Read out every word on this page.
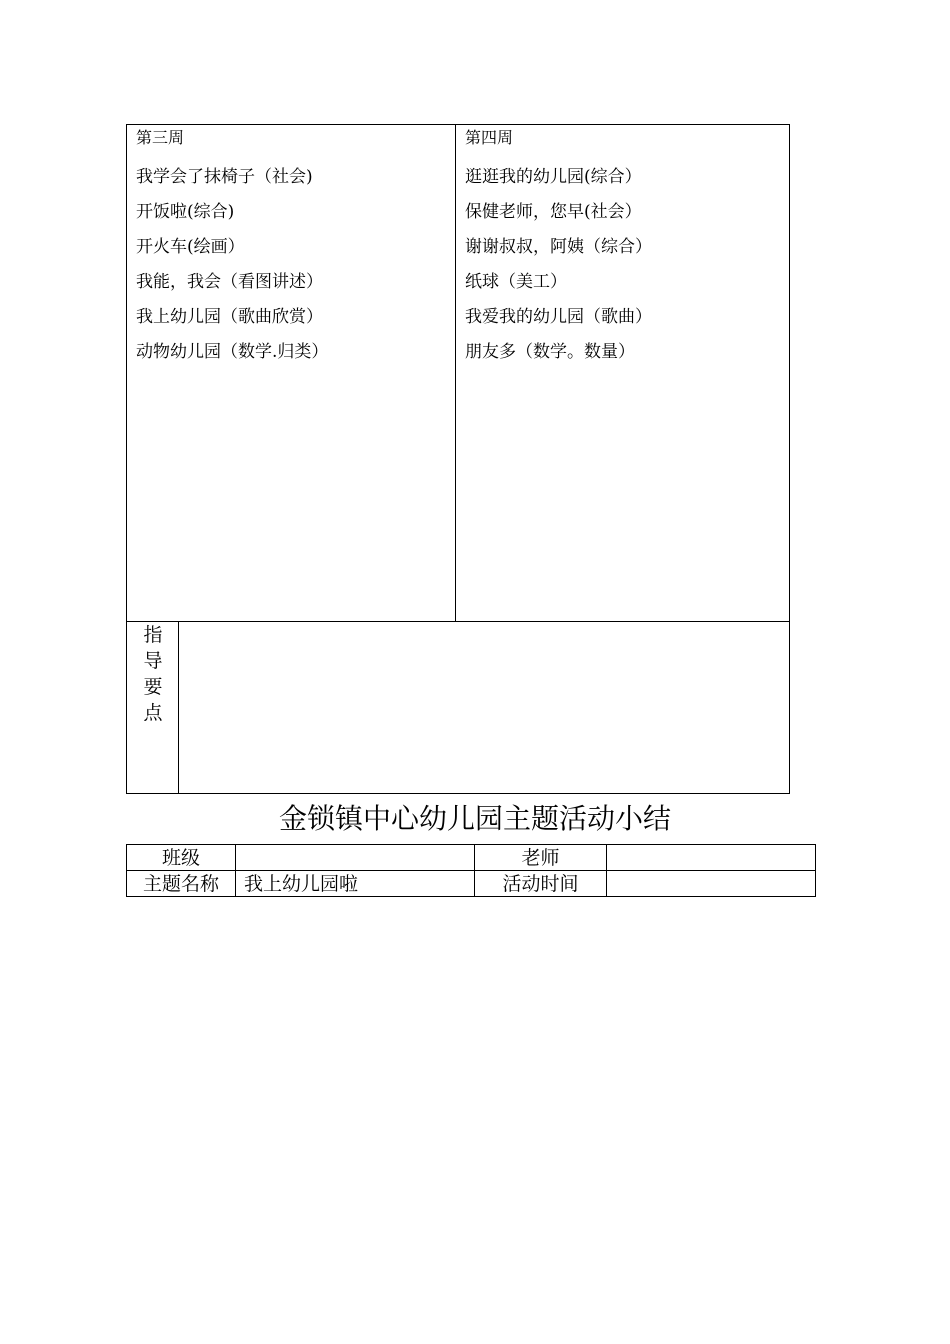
第三周
我学会了抹椅子（社会)
开饭啦(综合)
开火车(绘画）
我能，我会（看图讲述）
我上幼儿园（歌曲欣赏）
动物幼儿园（数学.归类）
第四周
逛逛我的幼儿园(综合）
保健老师，您早(社会）
谢谢叔叔，阿姨（综合）
纸球（美工）
我爱我的幼儿园（歌曲）
朋友多（数学。数量）
指
导
要
点
金锁镇中心幼儿园主题活动小结
班级		老师	
主题名称	我上幼儿园啦	活动时间	
